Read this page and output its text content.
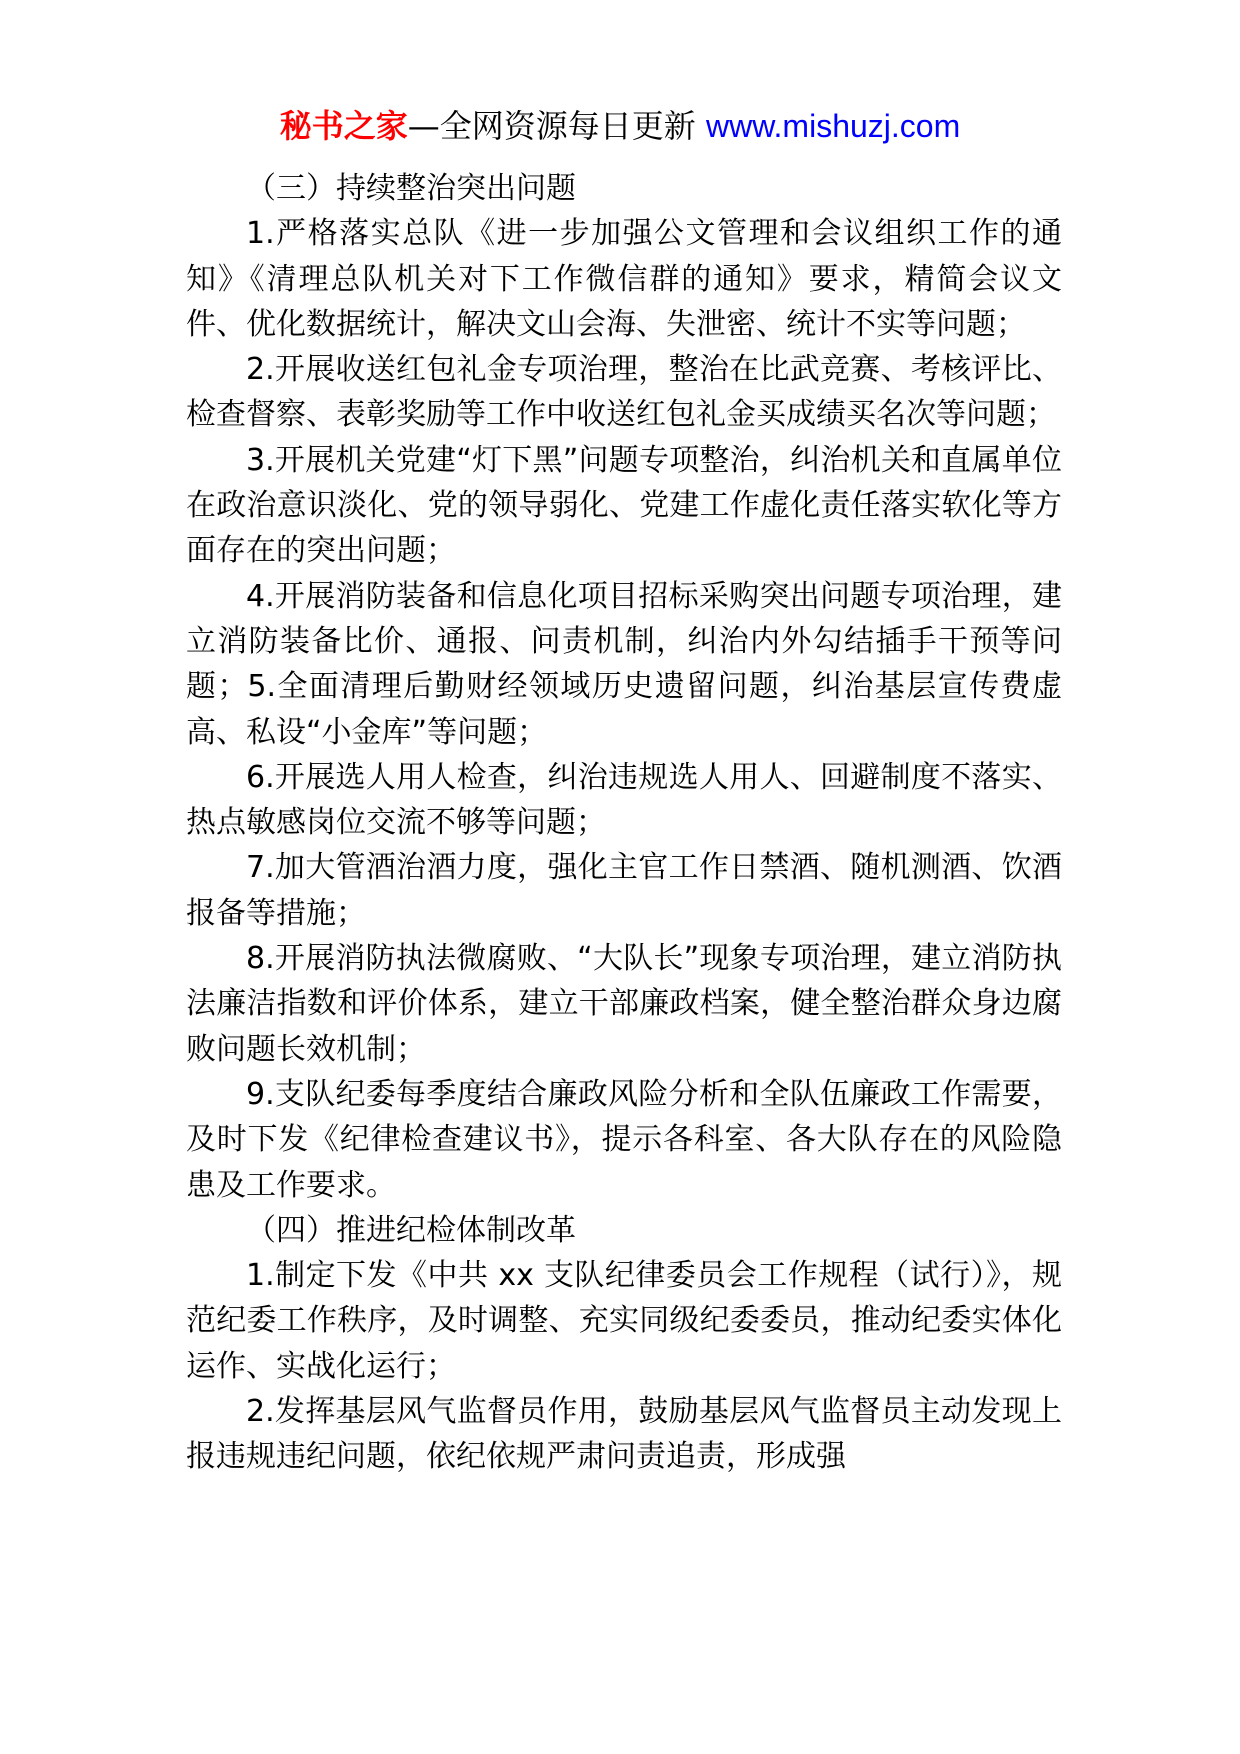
秘书之家—全网资源每日更新 www.mishuzj.com

（三）持续整治突出问题

1.严格落实总队《进一步加强公文管理和会议组织工作的通知》《清理总队机关对下工作微信群的通知》要求，精简会议文件、优化数据统计，解决文山会海、失泄密、统计不实等问题；

2.开展收送红包礼金专项治理，整治在比武竞赛、考核评比、检查督察、表彰奖励等工作中收送红包礼金买成绩买名次等问题；

3.开展机关党建“灯下黑”问题专项整治，纠治机关和直属单位在政治意识淡化、党的领导弱化、党建工作虚化责任落实软化等方面存在的突出问题；

4.开展消防装备和信息化项目招标采购突出问题专项治理，建立消防装备比价、通报、问责机制，纠治内外勾结插手干预等问题；5.全面清理后勤财经领域历史遗留问题，纠治基层宣传费虚高、私设“小金库”等问题；

6.开展选人用人检查，纠治违规选人用人、回避制度不落实、热点敏感岗位交流不够等问题；

7.加大管酒治酒力度，强化主官工作日禁酒、随机测酒、饮酒报备等措施；

8.开展消防执法微腐败、“大队长”现象专项治理，建立消防执法廉洁指数和评价体系，建立干部廉政档案，健全整治群众身边腐败问题长效机制；

9.支队纪委每季度结合廉政风险分析和全队伍廉政工作需要，及时下发《纪律检查建议书》，提示各科室、各大队存在的风险隐患及工作要求。

（四）推进纪检体制改革

1.制定下发《中共 xx 支队纪律委员会工作规程（试行）》，规范纪委工作秩序，及时调整、充实同级纪委委员，推动纪委实体化运作、实战化运行；

2.发挥基层风气监督员作用，鼓励基层风气监督员主动发现上报违规违纪问题，依纪依规严肃问责追责，形成强
